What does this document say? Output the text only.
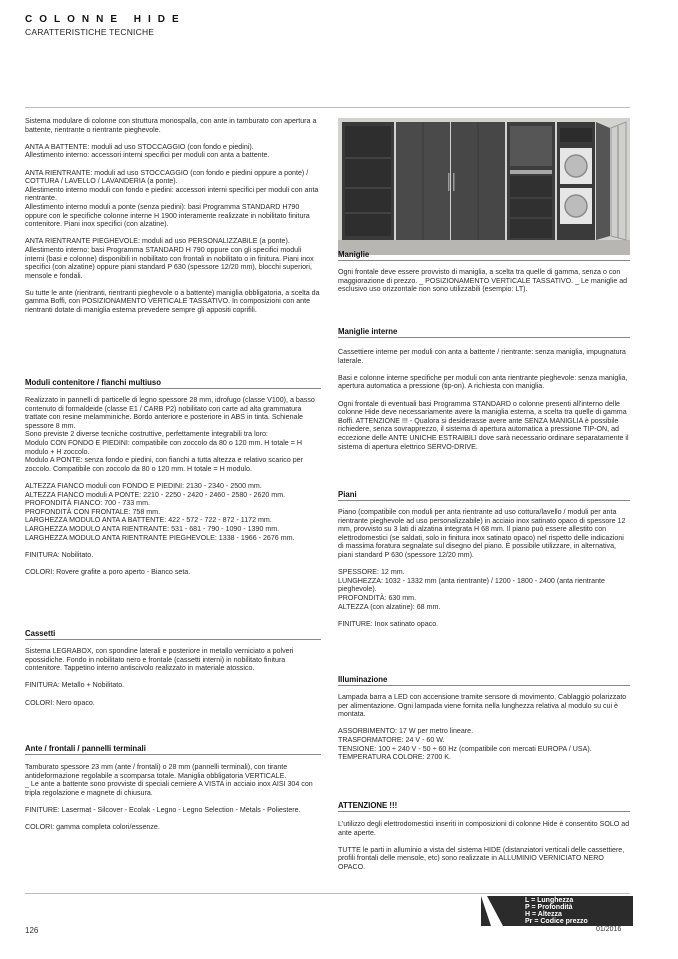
COLONNE HIDE
CARATTERISTICHE TECNICHE

Sistema modulare di colonne con struttura monospalla, con ante in tamburato con apertura a battente, rientrante o rientrante pieghevole.

ANTA A BATTENTE: moduli ad uso STOCCAGGIO (con fondo e piedini).
Allestimento interno: accessori interni specifici per moduli con anta a battente.

ANTA RIENTRANTE: moduli ad uso STOCCAGGIO (con fondo e piedini oppure a ponte) / COTTURA / LAVELLO / LAVANDERIA (a ponte).
Allestimento interno moduli con fondo e piedini: accessori interni specifici per moduli con anta rientrante.
Allestimento interno moduli a ponte (senza piedini): basi Programma STANDARD H790 oppure con le specifiche colonne interne H 1900 interamente realizzate in nobilitato finitura contenitore. Piani inox specifici (con alzatine).

ANTA RIENTRANTE PIEGHEVOLE: moduli ad uso PERSONALIZZABILE (a ponte).
Allestimento interno: basi Programma STANDARD H 790 oppure con gli specifici moduli interni (basi e colonne) disponibili in nobilitato con frontali in nobilitato o in finitura. Piani inox specifici (con alzatine) oppure piani standard P 630 (spessore 12/20 mm), blocchi superiori, mensole e fondali.

Su tutte le ante (rientranti, rientranti pieghevole o a battente) maniglia obbligatoria, a scelta da gamma Boffi, con POSIZIONAMENTO VERTICALE TASSATIVO. In composizioni con ante rientranti dotate di maniglia esterna prevedere sempre gli appositi coprifili.

Moduli contenitore / fianchi multiuso

Realizzato in pannelli di particelle di legno spessore 28 mm, idrofugo (classe V100), a basso contenuto di formaldeide (classe E1 / CARB P2) nobilitato con carte ad alta grammatura trattate con resine melamminiche. Bordo anteriore e posteriore in ABS in tinta. Schienale spessore 8 mm.
Sono previste 2 diverse tecniche costruttive, perfettamente integrabili tra loro:
Modulo CON FONDO E PIEDINI: compatibile con zoccolo da 80 o 120 mm. H totale = H modulo + H zoccolo.
Modulo A PONTE: senza fondo e piedini, con fianchi a tutta altezza e relativo scarico per zoccolo. Compatibile con zoccolo da 80 o 120 mm. H totale = H modulo.

ALTEZZA FIANCO moduli con FONDO E PIEDINI: 2130 - 2340 - 2500 mm.
ALTEZZA FIANCO moduli A PONTE: 2210 - 2250 - 2420 - 2460 - 2580 - 2620 mm.
PROFONDITÀ FIANCO: 700 - 733 mm.
PROFONDITÀ CON FRONTALE: 758 mm.
LARGHEZZA MODULO ANTA A BATTENTE: 422 - 572 - 722 - 872 - 1172 mm.
LARGHEZZA MODULO ANTA RIENTRANTE: 531 - 681 - 790 - 1090 - 1390 mm.
LARGHEZZA MODULO ANTA RIENTRANTE PIEGHEVOLE: 1338 - 1966 - 2676 mm.

FINITURA: Nobilitato.

COLORI: Rovere grafite a poro aperto - Bianco seta.

Cassetti

Sistema LEGRABOX, con spondine laterali e posteriore in metallo verniciato a polveri epossidiche. Fondo in nobilitato nero e frontale (cassetti interni) in nobilitato finitura contenitore. Tappetino interno antiscivolo realizzato in materiale atossico.

FINITURA: Metallo + Nobilitato.

COLORI: Nero opaco.

Ante / frontali / pannelli terminali

Tamburato spessore 23 mm (ante / frontali) o 28 mm (pannelli terminali), con tirante antideformazione regolabile a scomparsa totale. Maniglia obbligatoria VERTICALE.
_ Le ante a battente sono provviste di speciali cerniere A VISTA in acciaio inox AISI 304 con tripla regolazione e magnete di chiusura.

FINITURE: Lasermat - Silcover - Ecolak - Legno - Legno Selection - Metals - Poliestere.

COLORI: gamma completa colori/essenze.

Maniglie

Ogni frontale deve essere provvisto di maniglia, a scelta tra quelle di gamma, senza o con maggiorazione di prezzo. _ POSIZIONAMENTO VERTICALE TASSATIVO. _ Le maniglie ad esclusivo uso orizzontale non sono utilizzabili (esempio: LT).

Maniglie interne

Cassettiere interne per moduli con anta a battente / rientrante: senza maniglia, impugnatura laterale.

Basi e colonne interne specifiche per moduli con anta rientrante pieghevole: senza maniglia, apertura automatica a pressione (tip-on). A richiesta con maniglia.

Ogni frontale di eventuali basi Programma STANDARD o colonne presenti all'interno delle colonne Hide deve necessariamente avere la maniglia esterna, a scelta tra quelle di gamma Boffi. ATTENZIONE !!! - Qualora si desiderasse avere ante SENZA MANIGLIA è possibile richiedere, senza sovrapprezzo, il sistema di apertura automatica a pressione TIP-ON, ad eccezione delle ANTE UNICHE ESTRAIBILI dove sarà necessario ordinare separatamente il sistema di apertura elettrico SERVO-DRIVE.

Piani

Piano (compatibile con moduli per anta rientrante ad uso cottura/lavello / moduli per anta rientrante pieghevole ad uso personalizzabile) in acciaio inox satinato opaco di spessore 12 mm, provvisto su 3 lati di alzatina integrata H 68 mm. Il piano può essere allestito con elettrodomestici (se saldati, solo in finitura inox satinato opaco) nel rispetto delle indicazioni di massima foratura segnalate sul disegno del piano. È possibile utilizzare, in alternativa, piani standard P 630 (spessore 12/20 mm).

SPESSORE: 12 mm.
LUNGHEZZA: 1032 - 1332 mm (anta rientrante) / 1200 - 1800 - 2400 (anta rientrante pieghevole).
PROFONDITÀ: 630 mm.
ALTEZZA (con alzatine): 68 mm.

FINITURE: Inox satinato opaco.

Illuminazione

Lampada barra a LED con accensione tramite sensore di movimento. Cablaggio polarizzato per alimentazione. Ogni lampada viene fornita nella lunghezza relativa al modulo su cui è montata.

ASSORBIMENTO: 17 W per metro lineare.
TRASFORMATORE: 24 V - 60 W.
TENSIONE: 100 ÷ 240 V - 50 ÷ 60 Hz (compatibile con mercati EUROPA / USA).
TEMPERATURA COLORE: 2700 K.

ATTENZIONE !!!

L'utilizzo degli elettrodomestici inseriti in composizioni di colonne Hide è consentito SOLO ad ante aperte.

TUTTE le parti in alluminio a vista del sistema HIDE (distanziatori verticali delle cassettiere, profili frontali delle mensole, etc) sono realizzate in ALLUMINIO VERNICIATO NERO OPACO.

L = Lunghezza
P = Profondità
H = Altezza
Pr = Codice prezzo
126	01/2016
